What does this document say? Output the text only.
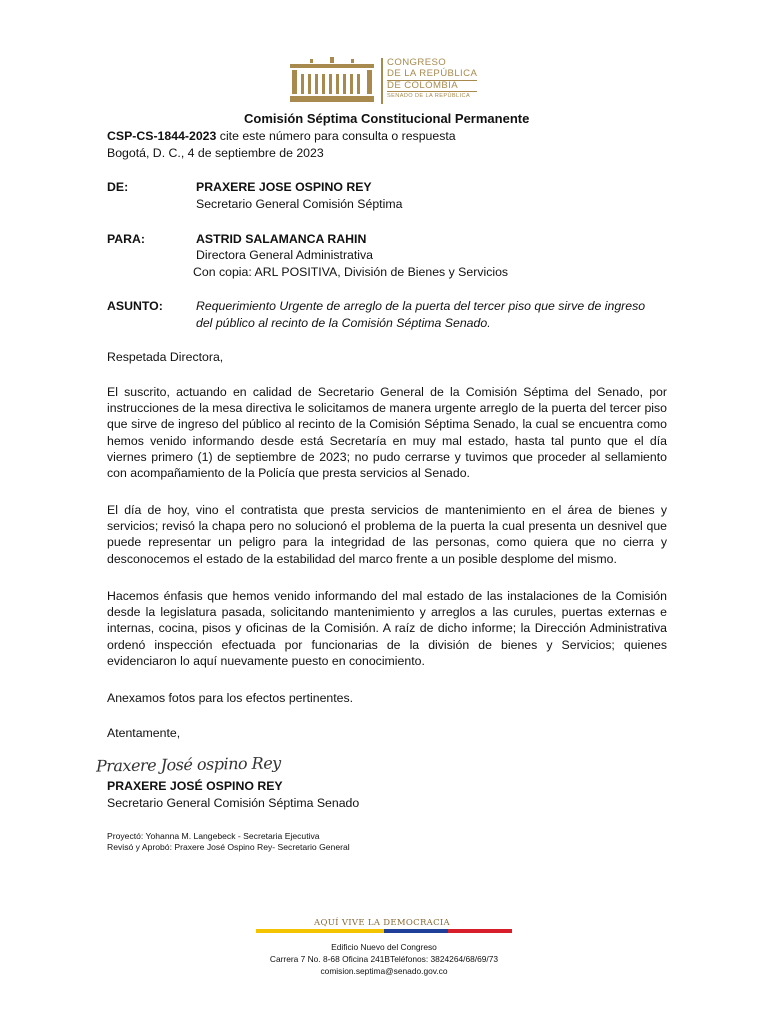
CONGRESO
DE LA REPÚBLICA
DE COLOMBIA
SENADO DE LA REPÚBLICA
Comisión Séptima Constitucional Permanente
CSP-CS-1844-2023 cite este número para consulta o respuesta
Bogotá, D. C., 4 de septiembre de 2023
DE:	PRAXERE JOSE OSPINO REY
Secretario General Comisión Séptima
PARA:	ASTRID SALAMANCA RAHIN
Directora General Administrativa
Con copia: ARL POSITIVA, División de Bienes y Servicios
ASUNTO:	Requerimiento Urgente de arreglo de la puerta del tercer piso que sirve de ingreso
del público al recinto de la Comisión Séptima Senado.
Respetada Directora,
El suscrito, actuando en calidad de Secretario General de la Comisión Séptima del Senado, por instrucciones de la mesa directiva le solicitamos de manera urgente arreglo de la puerta del tercer piso que sirve de ingreso del público al recinto de la Comisión Séptima Senado, la cual se encuentra como hemos venido informando desde está Secretaría en muy mal estado, hasta tal punto que el día viernes primero (1) de septiembre de 2023; no pudo cerrarse y tuvimos que proceder al sellamiento con acompañamiento de la Policía que presta servicios al Senado.
El día de hoy, vino el contratista que presta servicios de mantenimiento en el área de bienes y servicios; revisó la chapa pero no solucionó el problema de la puerta la cual presenta un desnivel que puede representar un peligro para la integridad de las personas, como quiera que no cierra y desconocemos el estado de la estabilidad del marco frente a un posible desplome del mismo.
Hacemos énfasis que hemos venido informando del mal estado de las instalaciones de la Comisión desde la legislatura pasada, solicitando mantenimiento y arreglos a las curules, puertas externas e internas, cocina, pisos y oficinas de la Comisión. A raíz de dicho informe; la Dirección Administrativa ordenó inspección efectuada por funcionarias de la división de bienes y Servicios; quienes evidenciaron lo aquí nuevamente puesto en conocimiento.
Anexamos fotos para los efectos pertinentes.
Atentamente,
Praxere José ospino Rey
PRAXERE JOSÉ OSPINO REY
Secretario General Comisión Séptima Senado
Proyectó: Yohanna M. Langebeck - Secretaria Ejecutiva
Revisó y Aprobó: Praxere José Ospino Rey- Secretario General
AQUÍ VIVE LA DEMOCRACIA
Edificio Nuevo del Congreso
Carrera 7 No. 8-68 Oficina 241BTeléfonos: 3824264/68/69/73
comision.septima@senado.gov.co
